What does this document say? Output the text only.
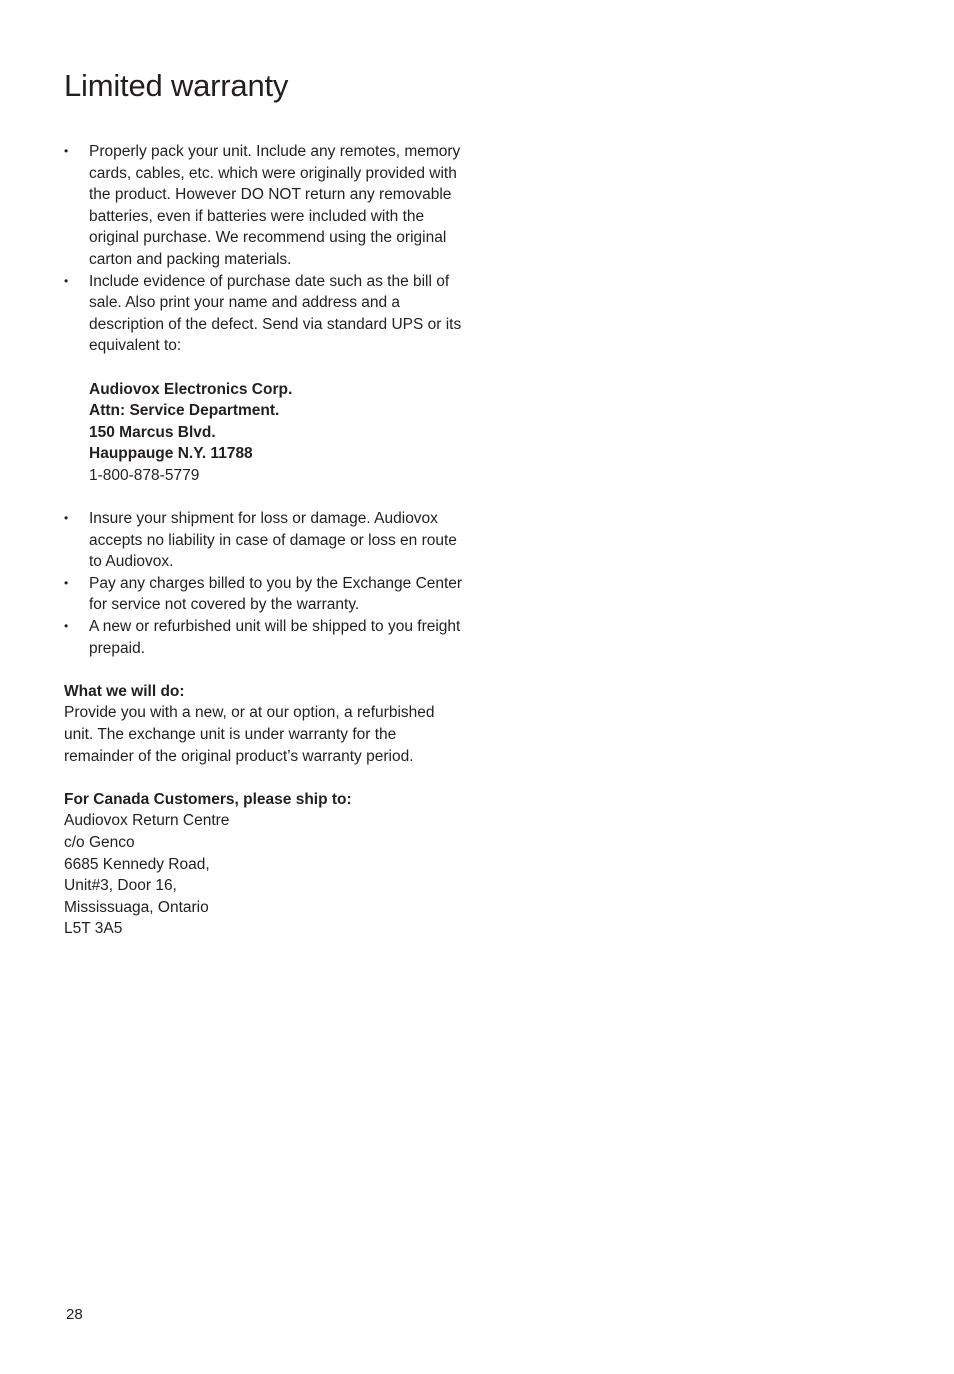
Limited warranty
• Properly pack your unit. Include any remotes, memory cards, cables, etc. which were originally provided with the product. However DO NOT return any removable batteries, even if batteries were included with the original purchase. We recommend using the original carton and packing materials.
• Include evidence of purchase date such as the bill of sale. Also print your name and address and a description of the defect. Send via standard UPS or its equivalent to:
Audiovox Electronics Corp.
Attn: Service Department.
150 Marcus Blvd.
Hauppauge N.Y. 11788
1-800-878-5779
• Insure your shipment for loss or damage. Audiovox accepts no liability in case of damage or loss en route to Audiovox.
• Pay any charges billed to you by the Exchange Center for service not covered by the warranty.
• A new or refurbished unit will be shipped to you freight prepaid.
What we will do:
Provide you with a new, or at our option, a refurbished unit. The exchange unit is under warranty for the remainder of the original product’s warranty period.
For Canada Customers, please ship to:
Audiovox Return Centre
c/o Genco
6685 Kennedy Road,
Unit#3, Door 16,
Mississuaga, Ontario
L5T 3A5
28
